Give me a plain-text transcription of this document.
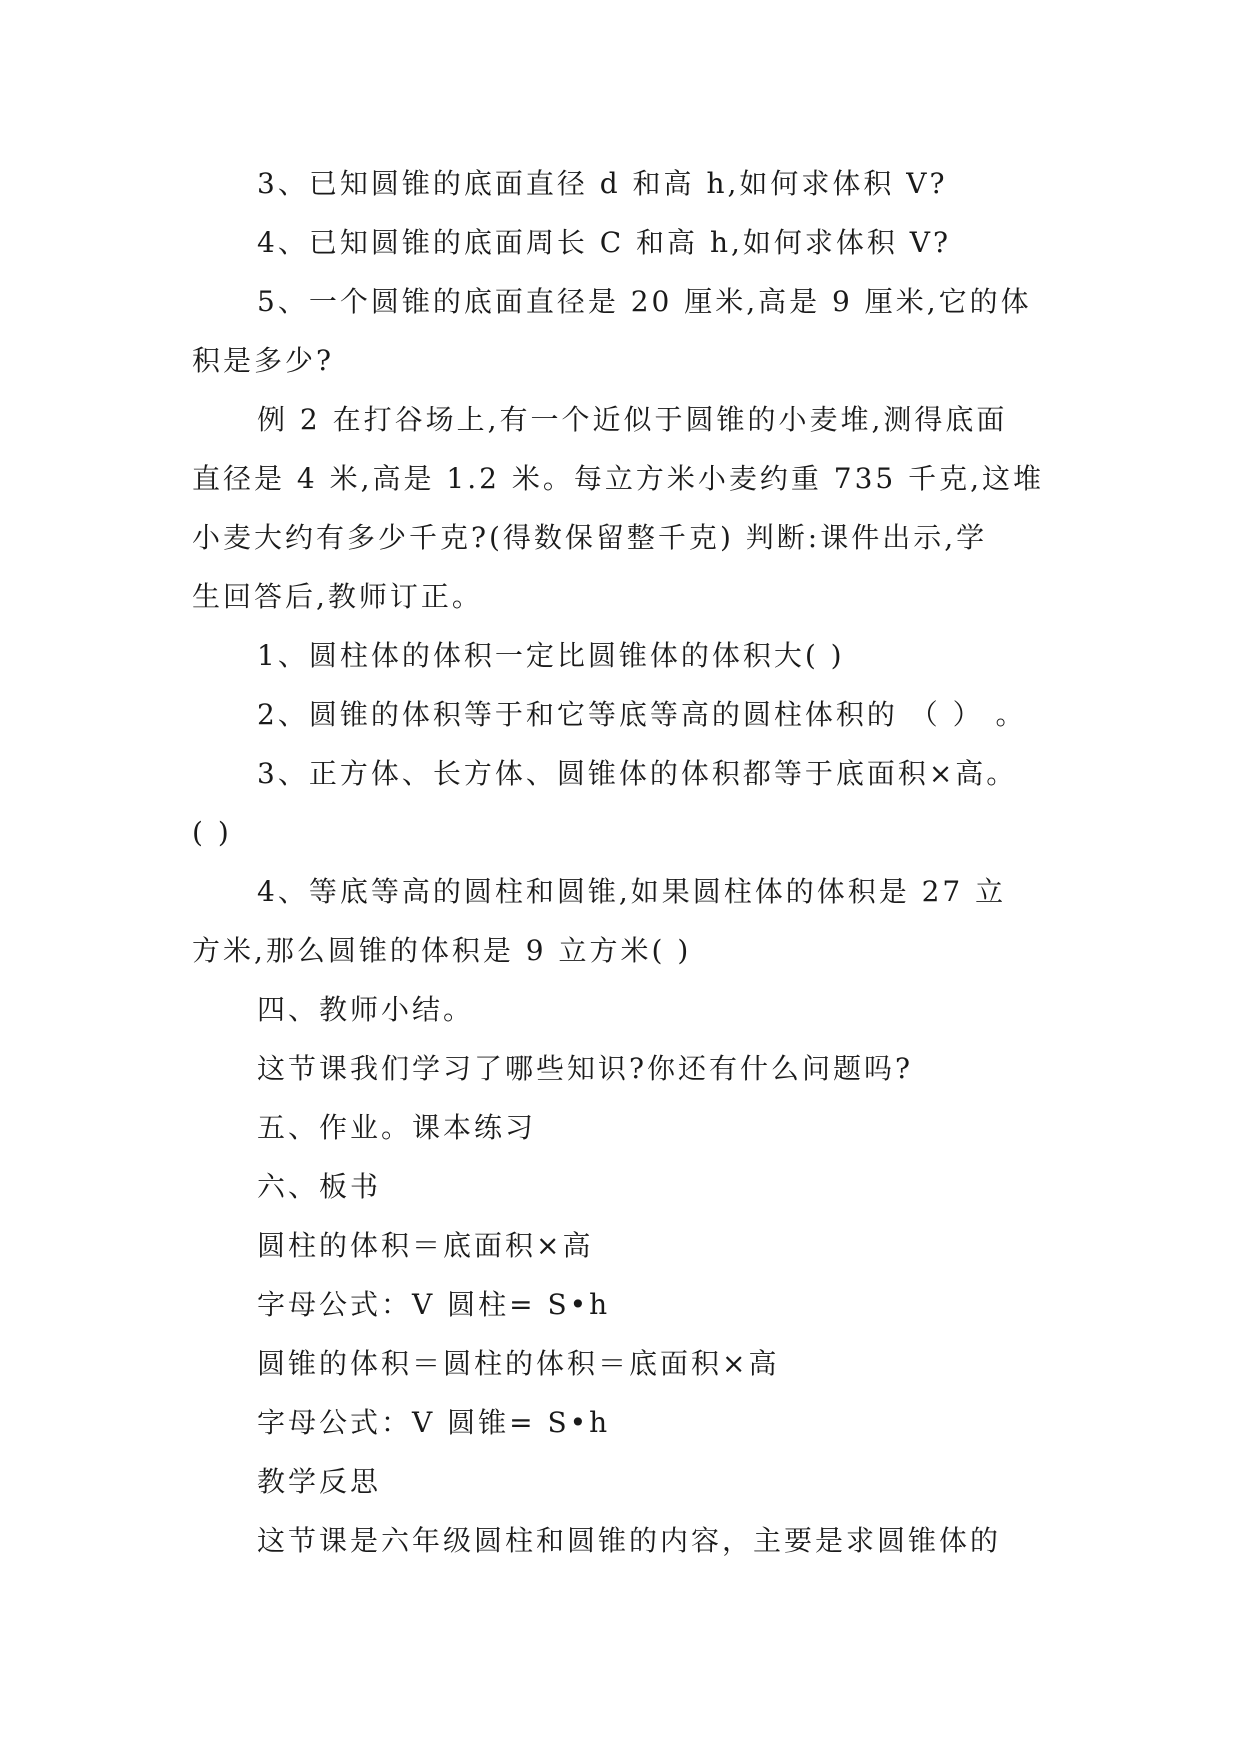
3、已知圆锥的底面直径 d 和高 h,如何求体积 V?
4、已知圆锥的底面周长 C 和高 h,如何求体积 V?
5、一个圆锥的底面直径是 20 厘米,高是 9 厘米,它的体
积是多少?
例 2 在打谷场上,有一个近似于圆锥的小麦堆,测得底面
直径是 4 米,高是 1.2 米。每立方米小麦约重 735 千克,这堆
小麦大约有多少千克?(得数保留整千克) 判断:课件出示,学
生回答后,教师订正。
1、圆柱体的体积一定比圆锥体的体积大( )
2、圆锥的体积等于和它等底等高的圆柱体积的 （ ） 。
3、正方体、长方体、圆锥体的体积都等于底面积×高。
( )
4、等底等高的圆柱和圆锥,如果圆柱体的体积是 27 立
方米,那么圆锥的体积是 9 立方米( )
四、教师小结。
这节课我们学习了哪些知识?你还有什么问题吗?
五、作业。课本练习
六、板书
圆柱的体积＝底面积×高
字母公式：V 圆柱= S•h
圆锥的体积＝圆柱的体积＝底面积×高
字母公式：V 圆锥= S•h
教学反思
这节课是六年级圆柱和圆锥的内容，主要是求圆锥体的
